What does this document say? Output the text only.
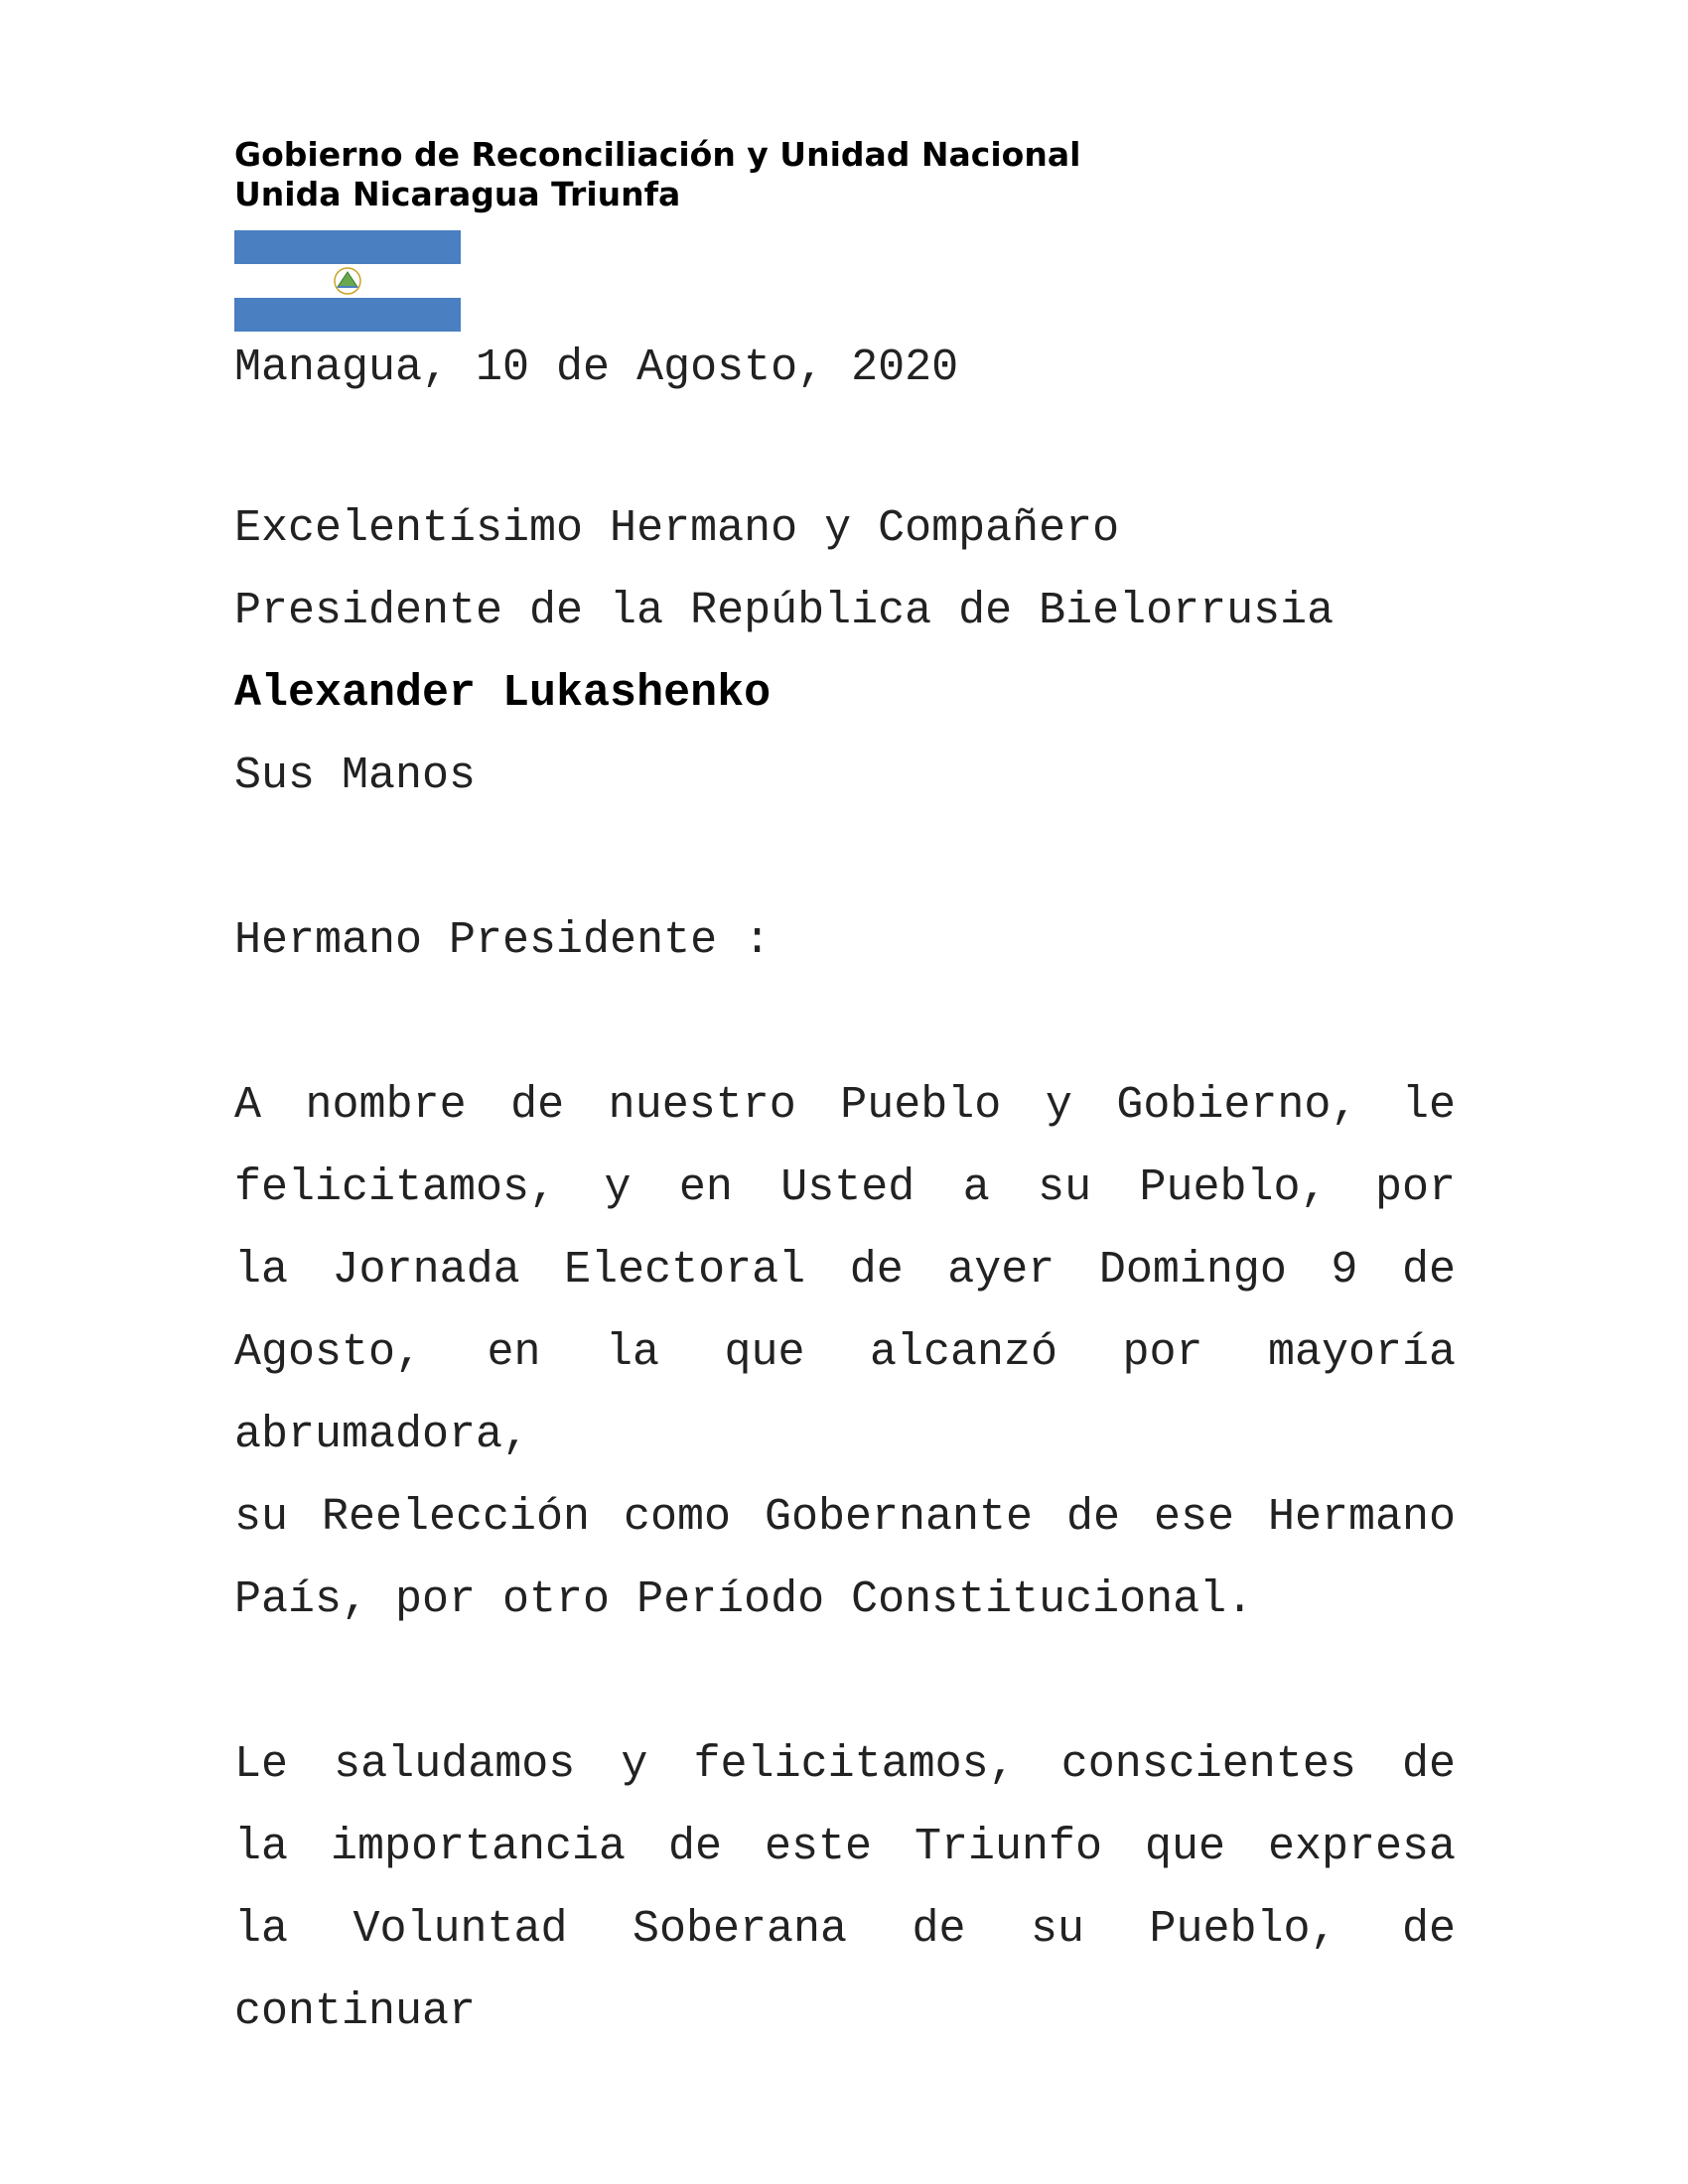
Gobierno de Reconciliación y Unidad Nacional

Unida Nicaragua Triunfa

Managua, 10 de Agosto, 2020

Excelentísimo Hermano y Compañero

Presidente de la República de Bielorrusia

Alexander Lukashenko

Sus Manos

Hermano Presidente :

A nombre de nuestro Pueblo y Gobierno, le
felicitamos, y en Usted a su Pueblo, por
la Jornada Electoral de ayer Domingo 9 de
Agosto, en la que alcanzó por mayoría abrumadora,
su Reelección como Gobernante de ese Hermano
País, por otro Período Constitucional.
Le saludamos y felicitamos, conscientes de
la importancia de este Triunfo que expresa
la Voluntad Soberana de su Pueblo, de continuar
